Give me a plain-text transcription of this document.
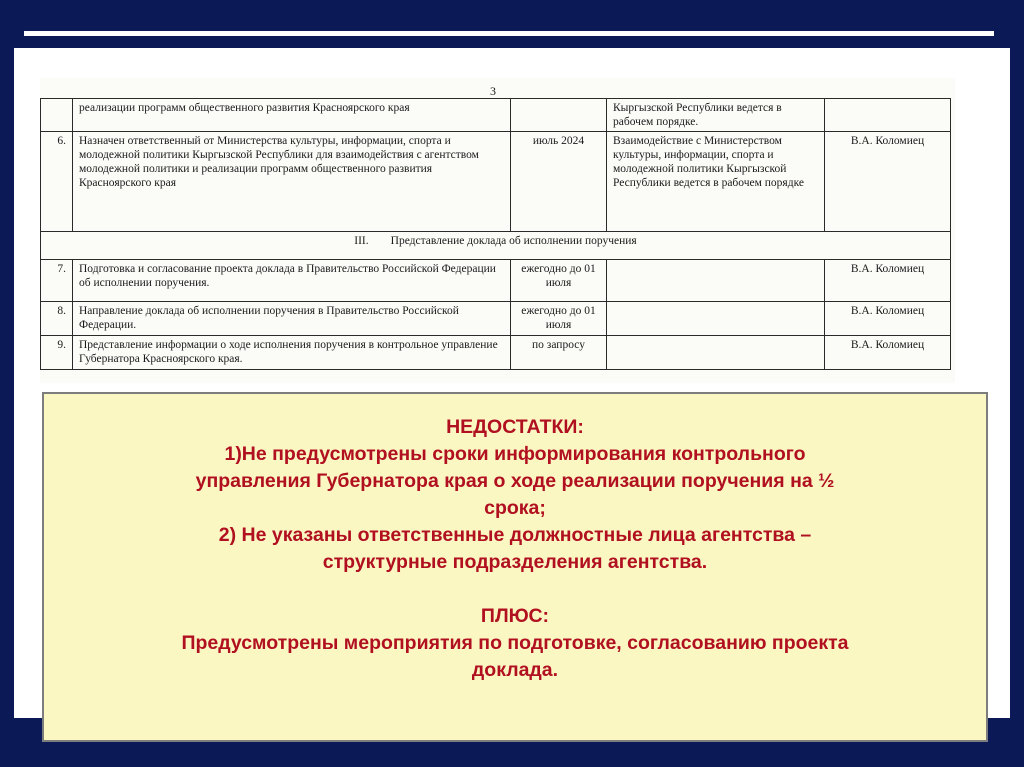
3
	реализации программ общественного развития Красноярского края		Кыргызской Республики ведется в рабочем порядке.	
6.	Назначен ответственный от Министерства культуры, информации, спорта и молодежной политики Кыргызской Республики для взаимодействия с агентством молодежной политики и реализации программ общественного развития Красноярского края	июль 2024	Взаимодействие с Министерством культуры, информации, спорта и молодежной политики Кыргызской Республики ведется в рабочем порядке	В.А. Коломиец
III. Представление доклада об исполнении поручения				
7.	Подготовка и согласование проекта доклада в Правительство Российской Федерации об исполнении поручения.	ежегодно до 01 июля		В.А. Коломиец
8.	Направление доклада об исполнении поручения в Правительство Российской Федерации.	ежегодно до 01 июля		В.А. Коломиец
9.	Представление информации о ходе исполнения поручения в контрольное управление Губернатора Красноярского края.	по запросу		В.А. Коломиец
НЕДОСТАТКИ:
1)Не предусмотрены сроки информирования контрольного
управления Губернатора края о ходе реализации поручения на ½
срока;
2) Не указаны ответственные должностные лица агентства –
структурные подразделения агентства.
ПЛЮС:
Предусмотрены мероприятия по подготовке, согласованию проекта
доклада.
